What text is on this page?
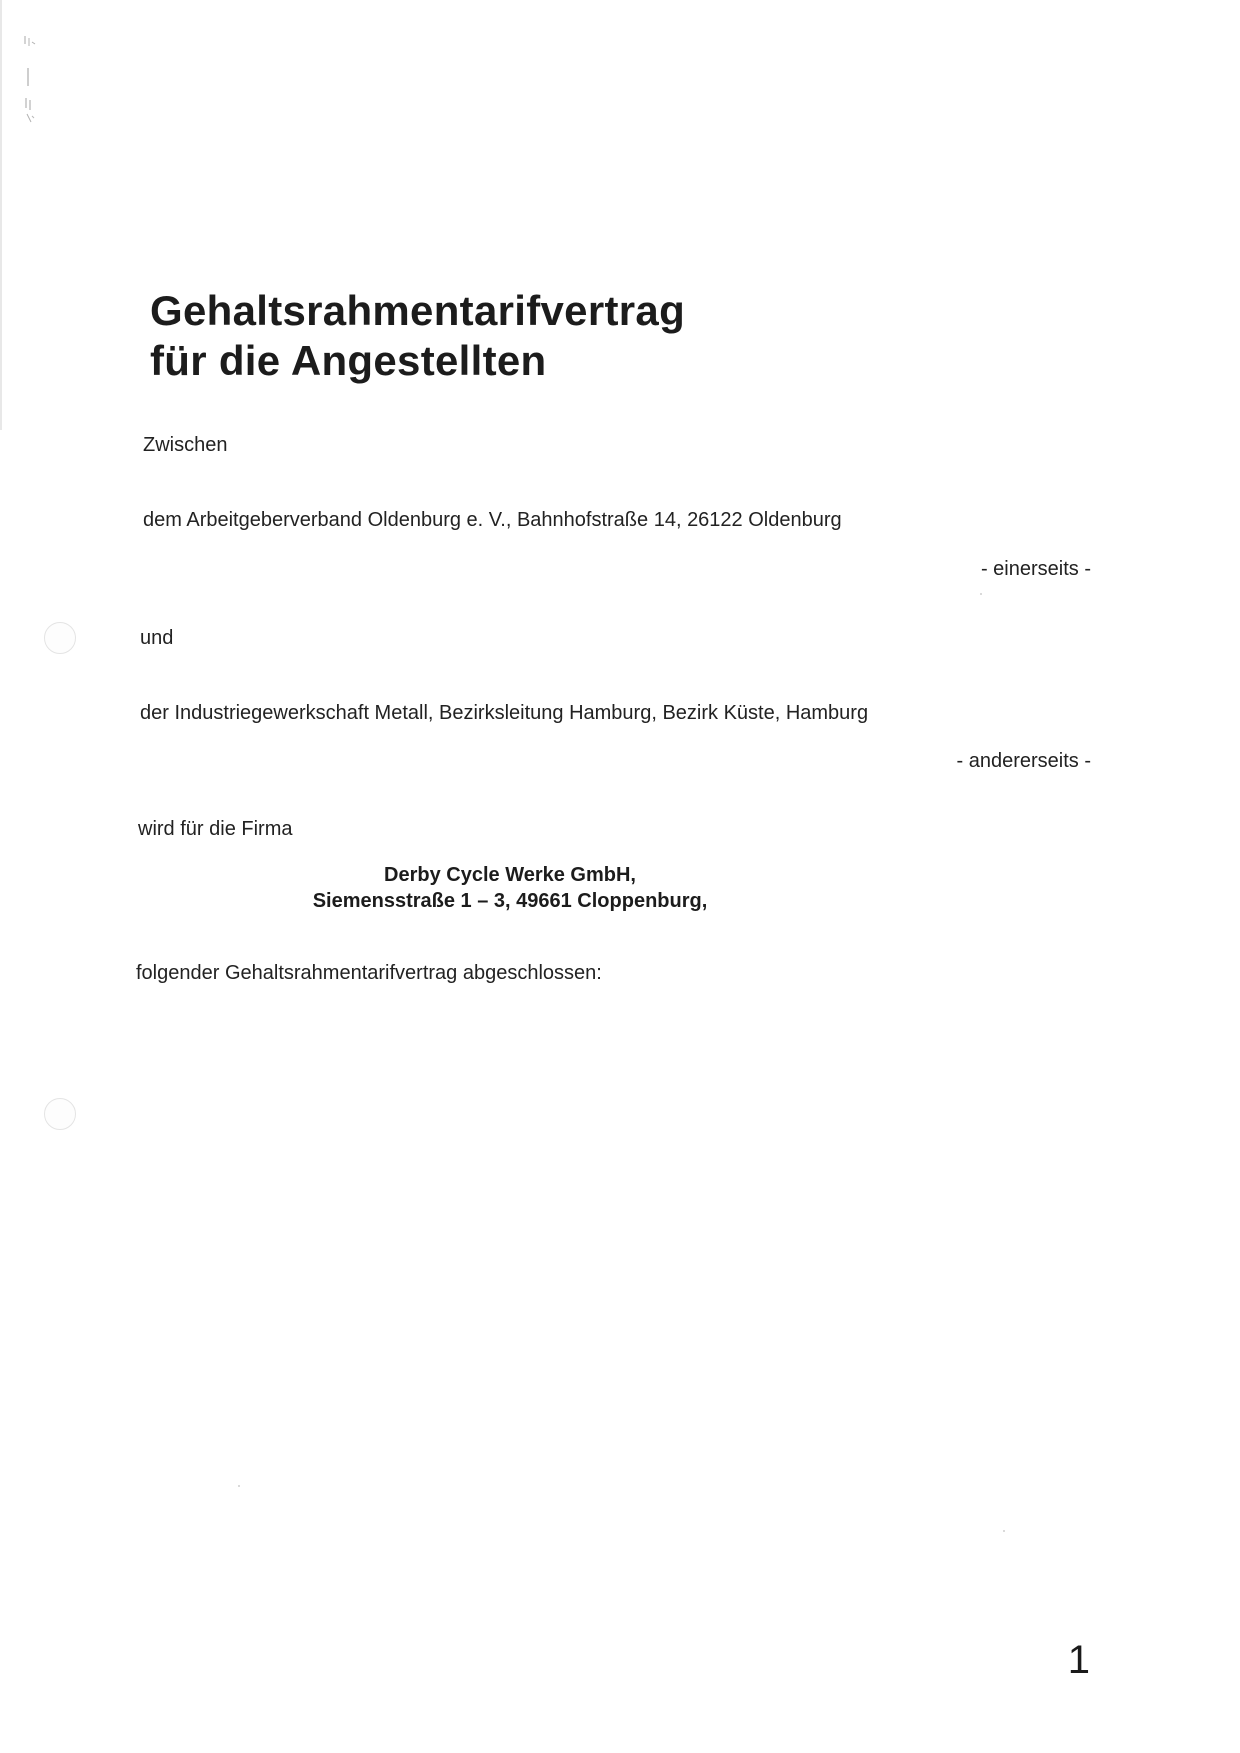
Gehaltsrahmentarifvertrag
für die Angestellten

Zwischen

dem Arbeitgeberverband Oldenburg e. V., Bahnhofstraße 14, 26122 Oldenburg

- einerseits -

und

der Industriegewerkschaft Metall, Bezirksleitung Hamburg, Bezirk Küste, Hamburg

- andererseits -

wird für die Firma

Derby Cycle Werke GmbH,
Siemensstraße 1 – 3, 49661 Cloppenburg,

folgender Gehaltsrahmentarifvertrag abgeschlossen:

1
